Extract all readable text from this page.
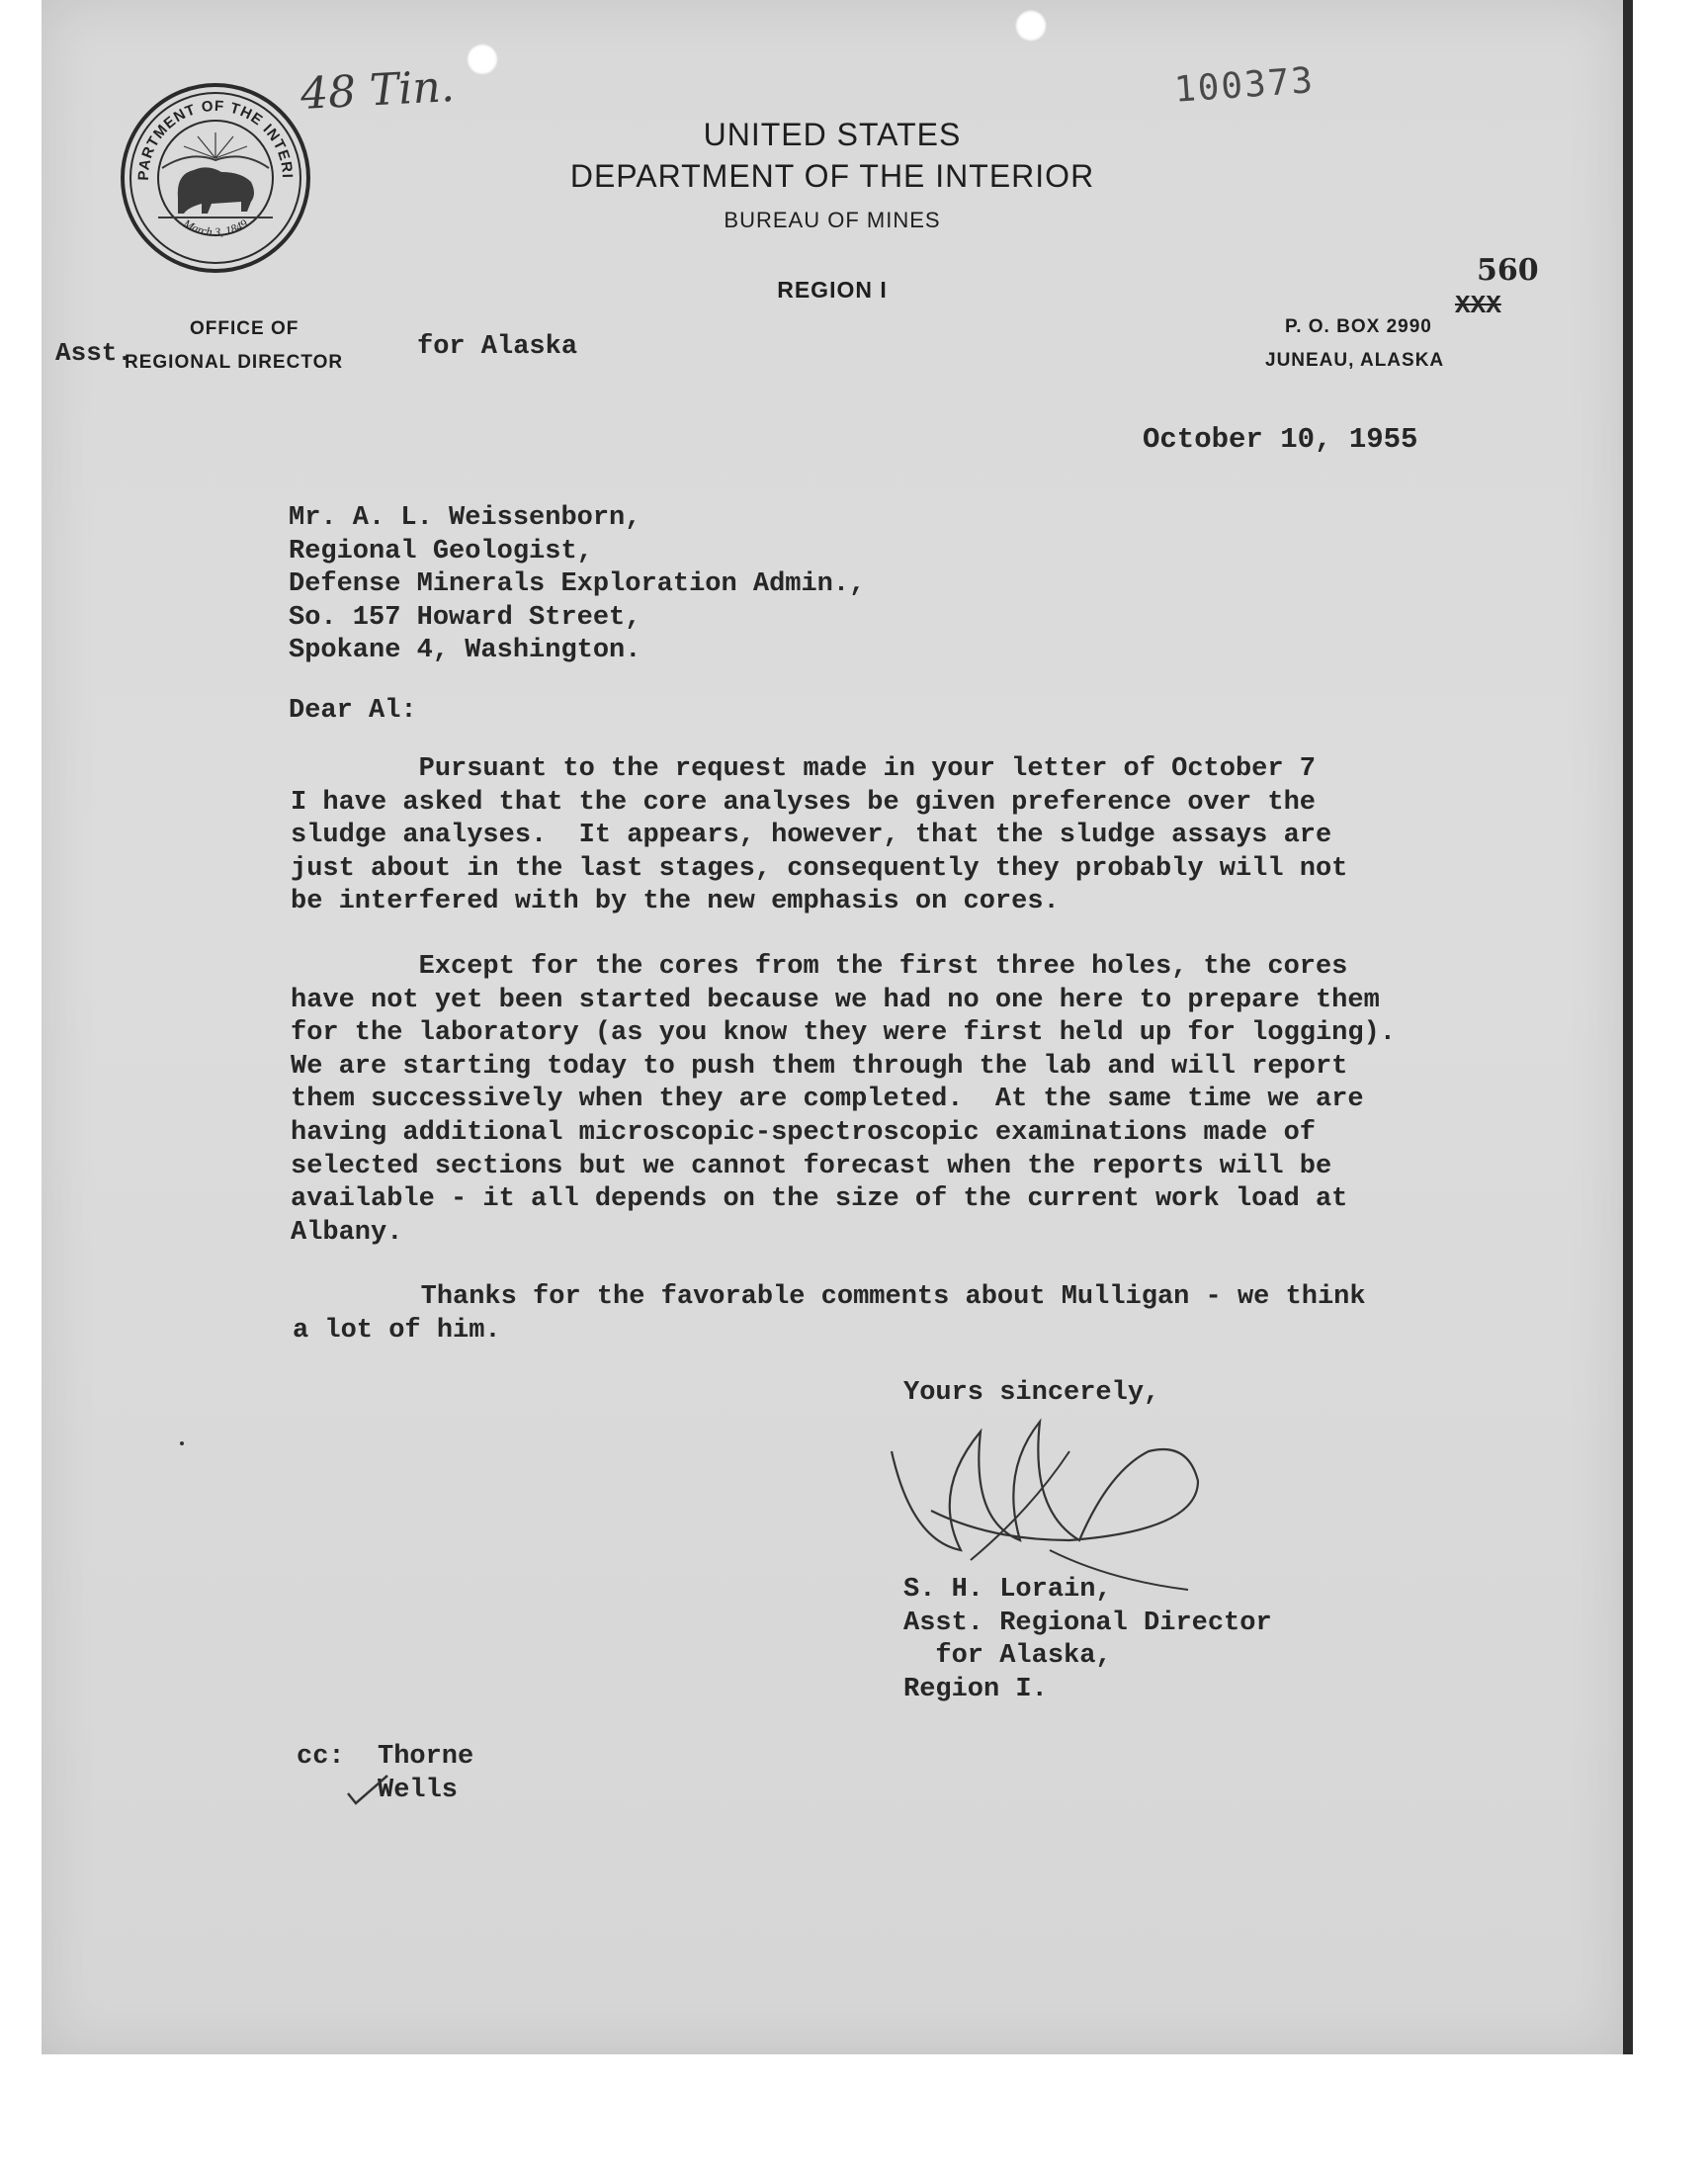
PARTMENT OF THE INTERI
March 3, 1849
48 Tin.	100373
UNITED STATES
DEPARTMENT OF THE INTERIOR
BUREAU OF MINES
REGION I
OFFICE OF
REGIONAL DIRECTOR
Asst.	for Alaska
560
XXX
P. O. BOX 2990
JUNEAU, ALASKA
October 10, 1955
Mr. A. L. Weissenborn,
Regional Geologist,
Defense Minerals Exploration Admin.,
So. 157 Howard Street,
Spokane 4, Washington.
Dear Al:
Pursuant to the request made in your letter of October 7
I have asked that the core analyses be given preference over the
sludge analyses.  It appears, however, that the sludge assays are
just about in the last stages, consequently they probably will not
be interfered with by the new emphasis on cores.
Except for the cores from the first three holes, the cores
have not yet been started because we had no one here to prepare them
for the laboratory (as you know they were first held up for logging).
We are starting today to push them through the lab and will report
them successively when they are completed.  At the same time we are
having additional microscopic-spectroscopic examinations made of
selected sections but we cannot forecast when the reports will be
available - it all depends on the size of the current work load at
Albany.
Thanks for the favorable comments about Mulligan - we think
a lot of him.
Yours sincerely,
S. H. Lorain,
Asst. Regional Director
for Alaska,
Region I.
cc: Thorne
Wells
